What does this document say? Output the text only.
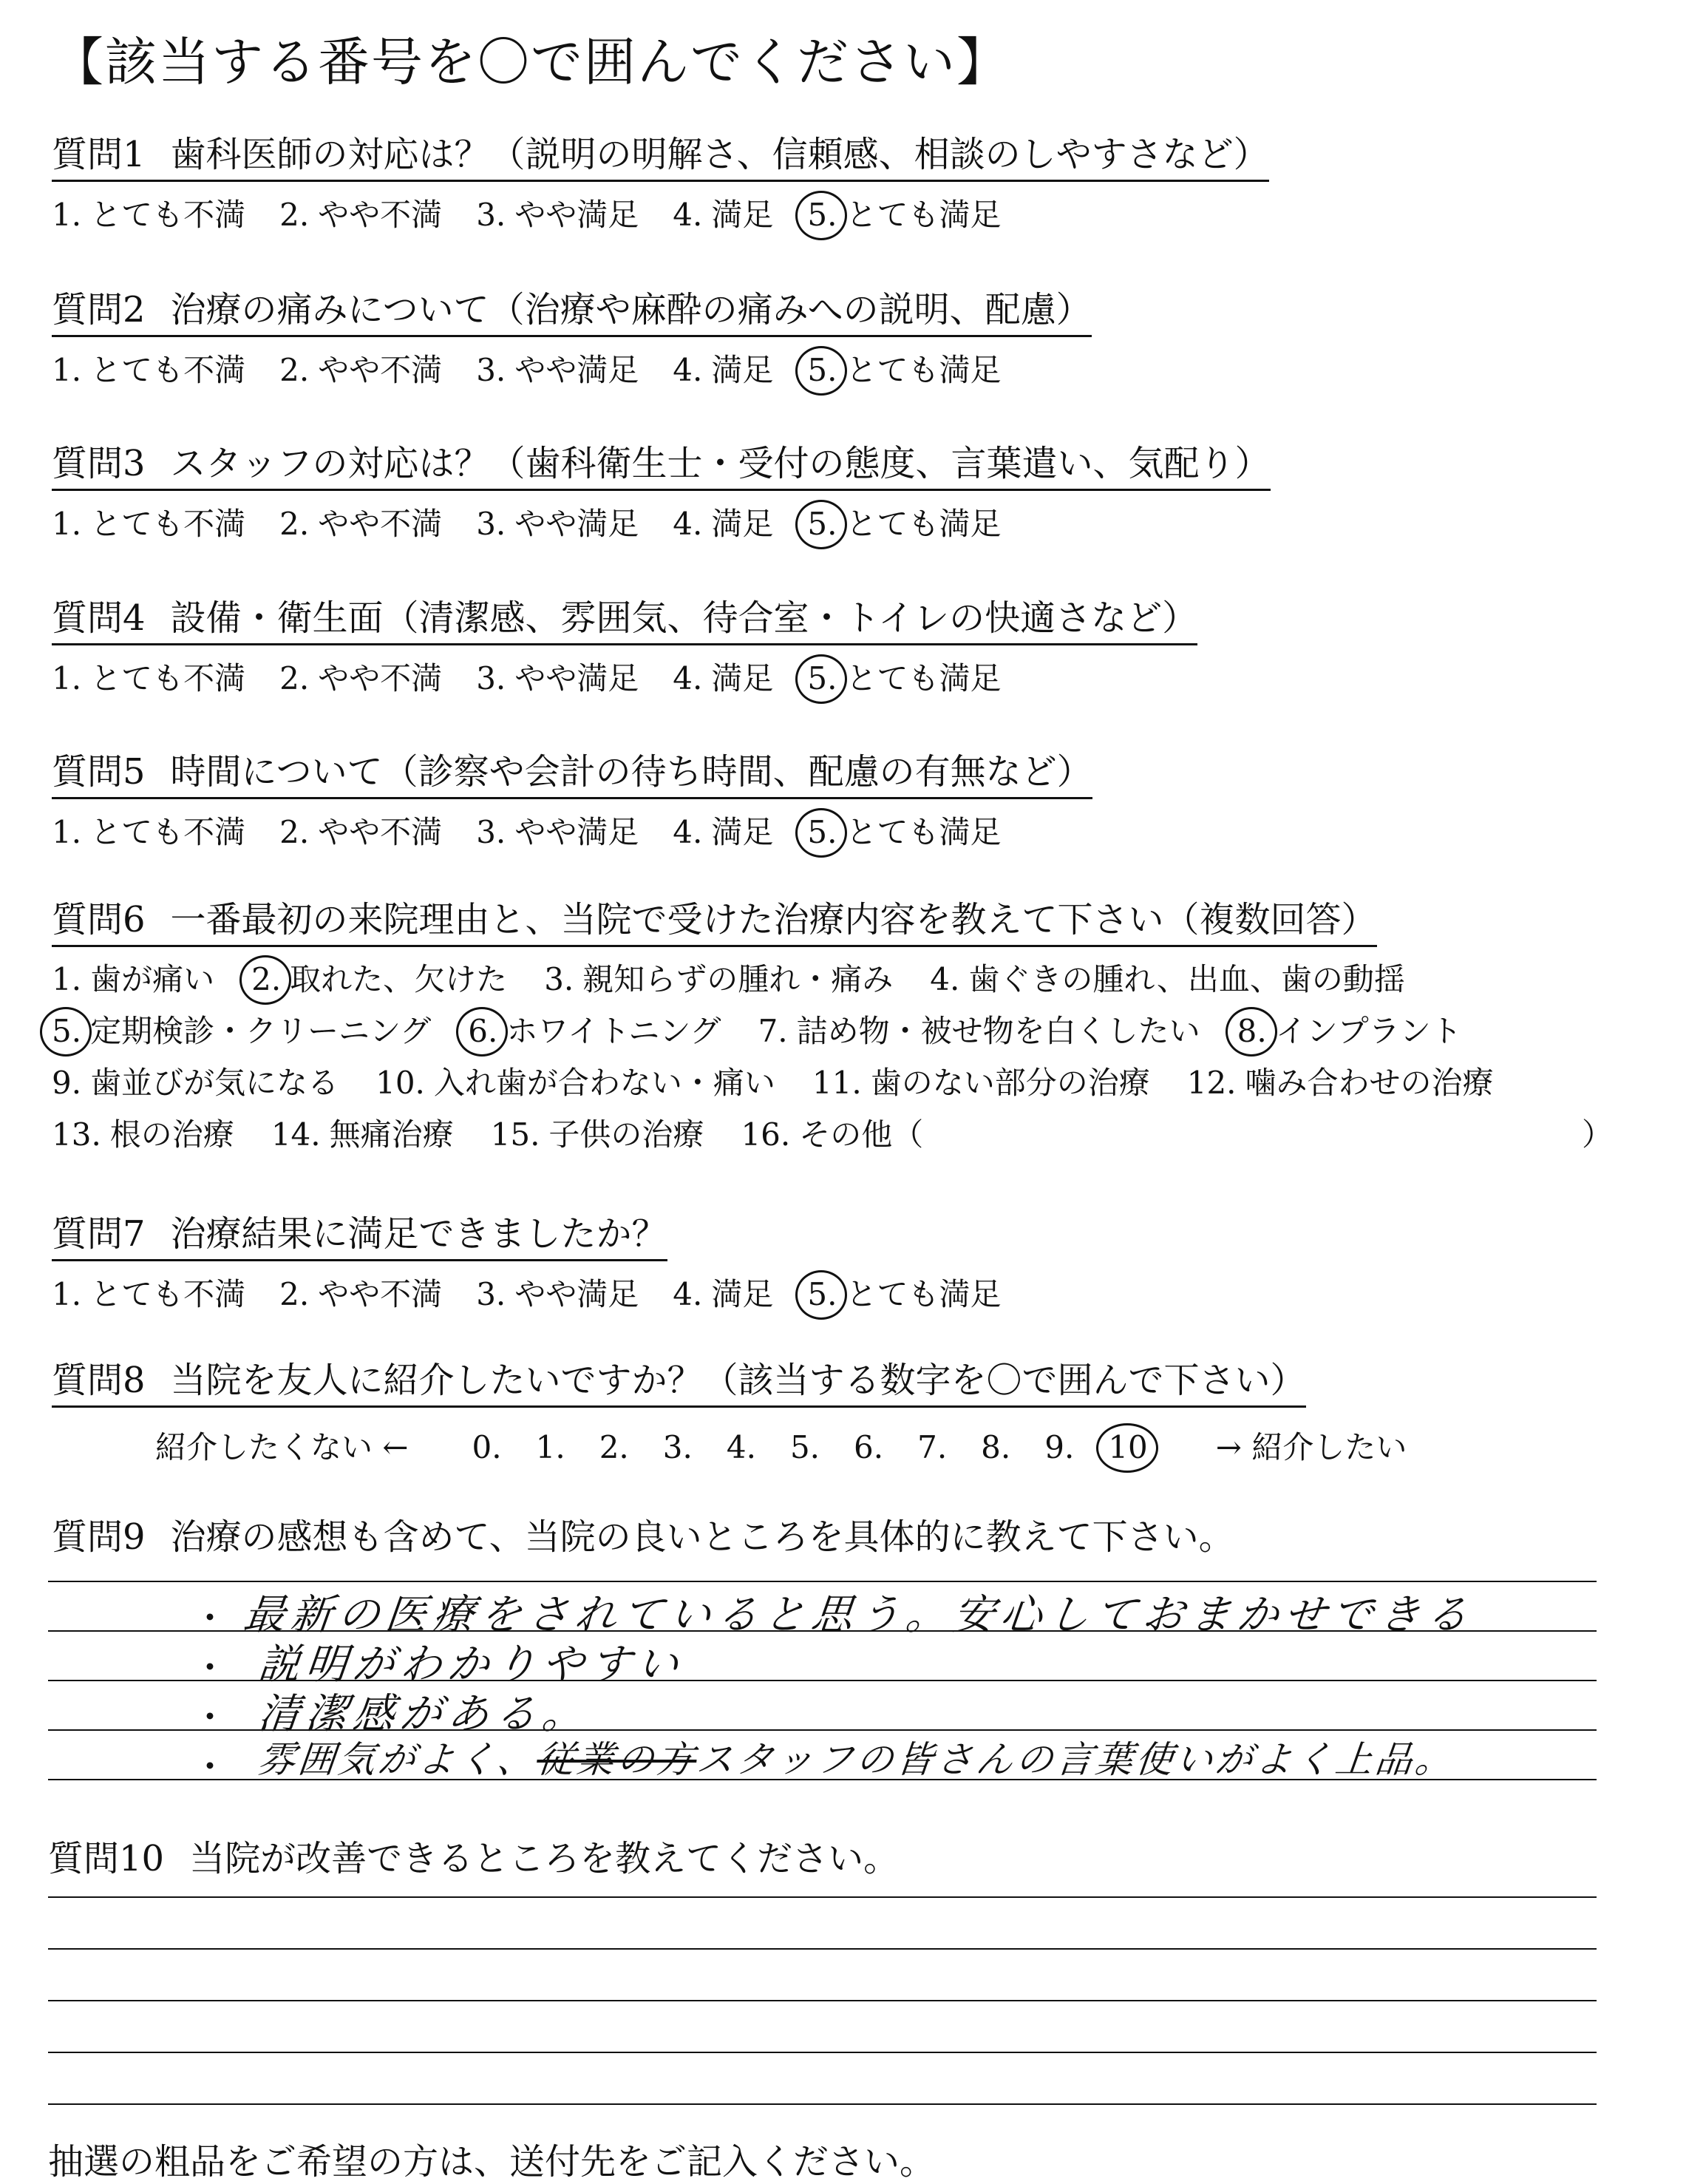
【該当する番号を〇で囲んでください】
質問1 歯科医師の対応は？（説明の明解さ、信頼感、相談のしやすさなど）
1. とても不満 2. やや不満 3. やや満足 4. 満足 5. とても満足
質問2 治療の痛みについて（治療や麻酔の痛みへの説明、配慮）
1. とても不満 2. やや不満 3. やや満足 4. 満足 5. とても満足
質問3 スタッフの対応は？（歯科衛生士・受付の態度、言葉遣い、気配り）
1. とても不満 2. やや不満 3. やや満足 4. 満足 5. とても満足
質問4 設備・衛生面（清潔感、雰囲気、待合室・トイレの快適さなど）
1. とても不満 2. やや不満 3. やや満足 4. 満足 5. とても満足
質問5 時間について（診察や会計の待ち時間、配慮の有無など）
1. とても不満 2. やや不満 3. やや満足 4. 満足 5. とても満足
質問7 治療結果に満足できましたか？
1. とても不満 2. やや不満 3. やや満足 4. 満足 5. とても満足
質問6 一番最初の来院理由と、当院で受けた治療内容を教えて下さい（複数回答）
1. 歯が痛い 2. 取れた、欠けた 3. 親知らずの腫れ・痛み 4. 歯ぐきの腫れ、出血、歯の動揺
5. 定期検診・クリーニング 6. ホワイトニング 7. 詰め物・被せ物を白くしたい 8. インプラント
9. 歯並びが気になる 10. 入れ歯が合わない・痛い 11. 歯のない部分の治療 12. 噛み合わせの治療
13. 根の治療 14. 無痛治療 15. 子供の治療 16. その他（	）
質問8 当院を友人に紹介したいですか？（該当する数字を〇で囲んで下さい）
紹介したくない ← 0. 1. 2. 3. 4. 5. 6. 7. 8. 9. 10 → 紹介したい
質問9 治療の感想も含めて、当院の良いところを具体的に教えて下さい。
・ 最新の医療をされていると思う。安心しておまかせできる
・ 説明がわかりやすい
・ 清潔感がある。
・ 雰囲気がよく、従業の方スタッフの皆さんの言葉使いがよく上品。
質問10 当院が改善できるところを教えてください。
抽選の粗品をご希望の方は、送付先をご記入ください。
